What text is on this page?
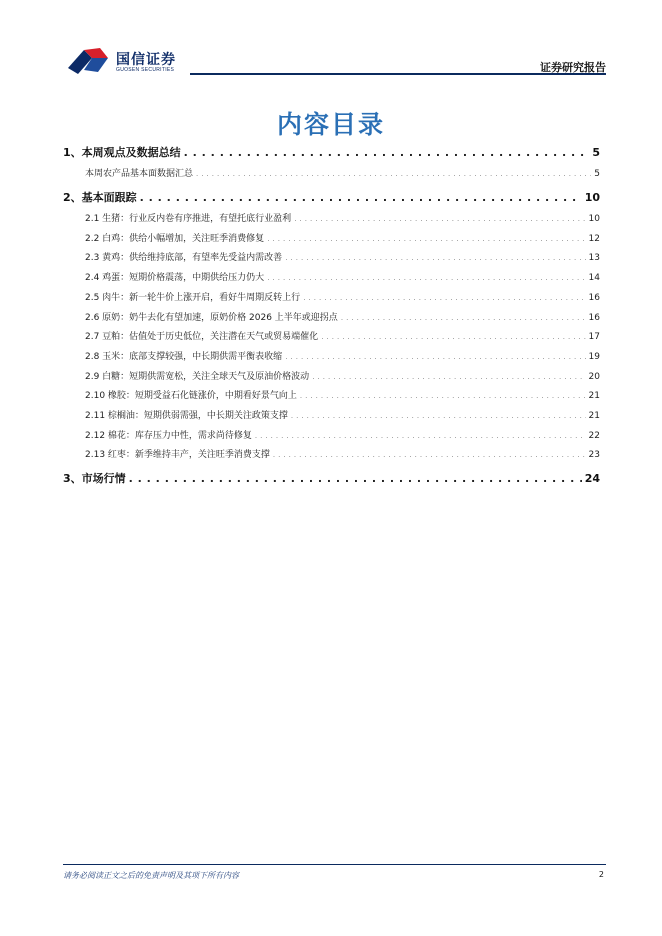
国信证券
GUOSEN SECURITIES	证券研究报告
内容目录
1、本周观点及数据总结 . . .	5
本周农产品基本面数据汇总 . . .	5
2、基本面跟踪 . . .	10
2.1 生猪：行业反内卷有序推进，有望托底行业盈利 . . .	10
2.2 白鸡：供给小幅增加，关注旺季消费修复 . . .	12
2.3 黄鸡：供给维持底部，有望率先受益内需改善 . . .	13
2.4 鸡蛋：短期价格震荡，中期供给压力仍大 . . .	14
2.5 肉牛：新一轮牛价上涨开启，看好牛周期反转上行 . . .	16
2.6 原奶：奶牛去化有望加速，原奶价格 2026 上半年或迎拐点 . . .	16
2.7 豆粕：估值处于历史低位，关注潜在天气或贸易端催化 . . .	17
2.8 玉米：底部支撑较强，中长期供需平衡表收缩 . . .	19
2.9 白糖：短期供需宽松，关注全球天气及原油价格波动 . . .	20
2.10 橡胶：短期受益石化链涨价，中期看好景气向上 . . .	21
2.11 棕榈油：短期供弱需强，中长期关注政策支撑 . . .	21
2.12 棉花：库存压力中性，需求尚待修复 . . .	22
2.13 红枣：新季维持丰产，关注旺季消费支撑 . . .	23
3、市场行情 . . .	24
请务必阅读正文之后的免责声明及其项下所有内容	2
